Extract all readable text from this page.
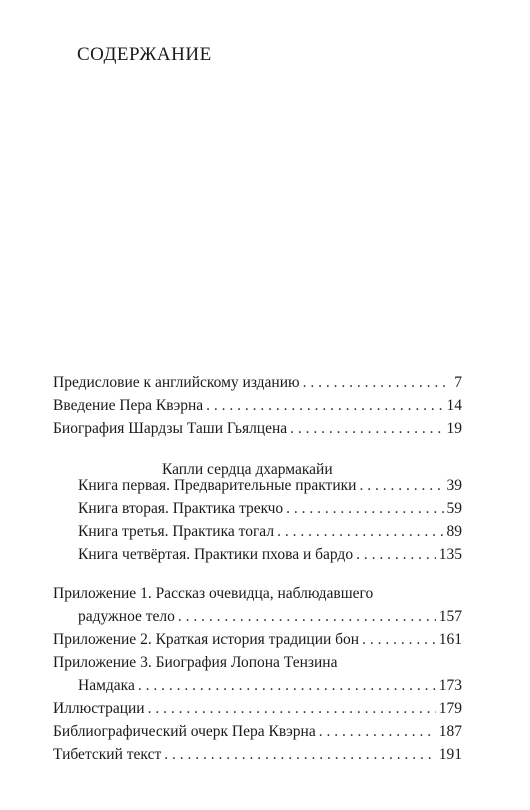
СОДЕРЖАНИЕ
Предисловие к английскому изданию . . .	7
Введение Пера Квэрна . . .	14
Биография Шардзы Таши Гьялцена . . .	19
Капли сердца дхармакайи
Книга первая. Предварительные практики . . .	39
Книга вторая. Практика трекчо . . .	59
Книга третья. Практика тогал . . .	89
Книга четвёртая. Практики пхова и бардо . . .	135
Приложение 1. Рассказ очевидца, наблюдавшего
радужное тело . . .	157
Приложение 2. Краткая история традиции бон . . .	161
Приложение 3. Биография Лопона Тензина
Намдака . . .	173
Иллюстрации . . .	179
Библиографический очерк Пера Квэрна . . .	187
Тибетский текст . . .	191
